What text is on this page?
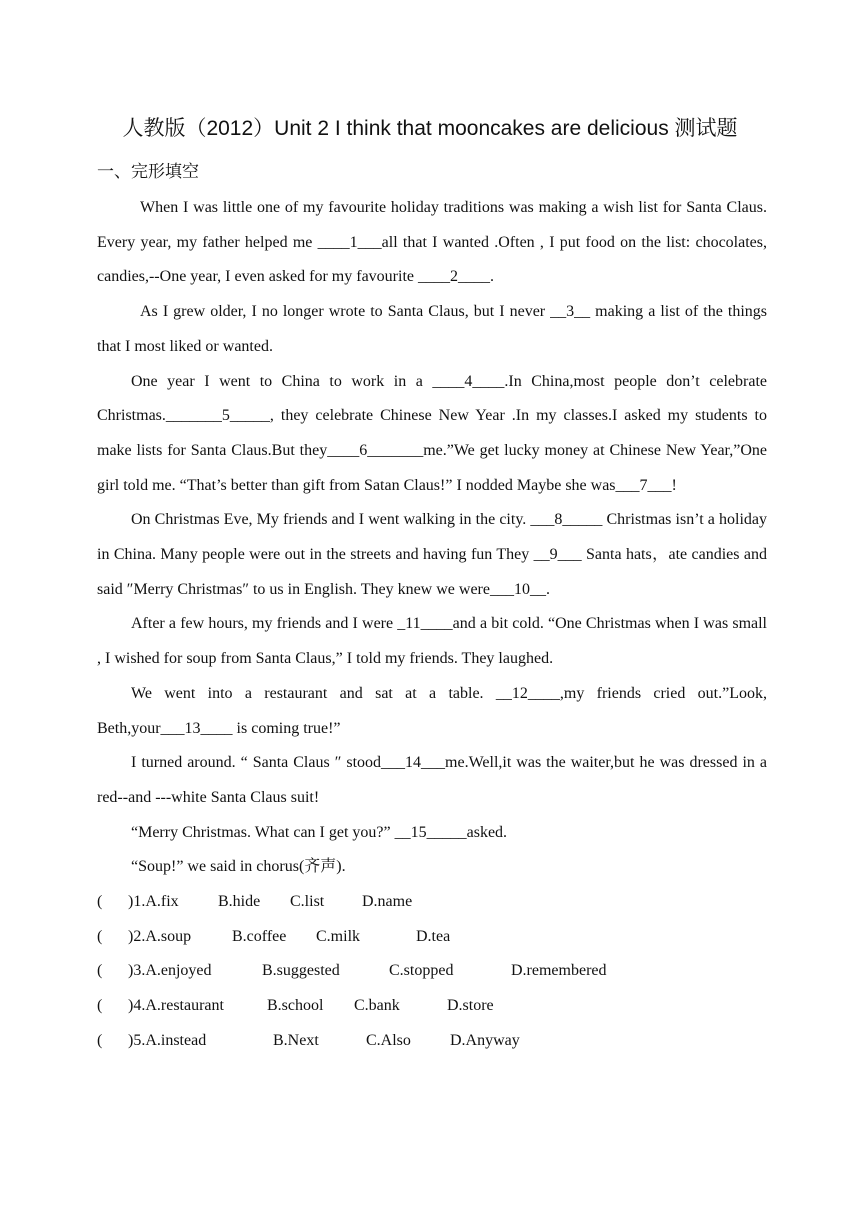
人教版（2012）Unit 2 I think that mooncakes are delicious 测试题
一、完形填空

When I was little one of my favourite holiday traditions was making a wish list for Santa Claus. Every year, my father helped me ____1___all that I wanted .Often , I put food on the list: chocolates, candies,--One year, I even asked for my favourite ____2____.

As I grew older, I no longer wrote to Santa Claus, but I never __3__ making a list of the things that I most liked or wanted.

One year I went to China to work in a ____4____.In China,most people don’t celebrate Christmas._______5_____, they celebrate Chinese New Year .In my classes.I asked my students to make lists for Santa Claus.But they____6_______me.”We get lucky money at Chinese New Year,”One girl told me. “That’s better than gift from Satan Claus!” I nodded Maybe she was___7___!

On Christmas Eve, My friends and I went walking in the city. ___8_____ Christmas isn’t a holiday in China. Many people were out in the streets and having fun They __9___ Santa hats，ate candies and said ″Merry Christmas″ to us in English. They knew we were___10__.

After a few hours, my friends and I were _11____and a bit cold. “One Christmas when I was small , I wished for soup from Santa Claus,” I told my friends. They laughed.

We went into a restaurant and sat at a table. __12____,my friends cried out.”Look, Beth,your___13____ is coming true!”

I turned around. “ Santa Claus ″ stood___14___me.Well,it was the waiter,but he was dressed in a red--and ---white Santa Claus suit!

“Merry Christmas. What can I get you?” __15_____asked.

“Soup!” we said in chorus(齐声).

( )1.A.fix B.hide C.list D.name
( )2.A.soup	B.coffee C.milk	D.tea
( )3.A.enjoyed	B.suggested	C.stopped	D.remembered
( )4.A.restaurant	B.school C.bank	D.store
( )5.A.instead	B.Next	C.Also D.Anyway
